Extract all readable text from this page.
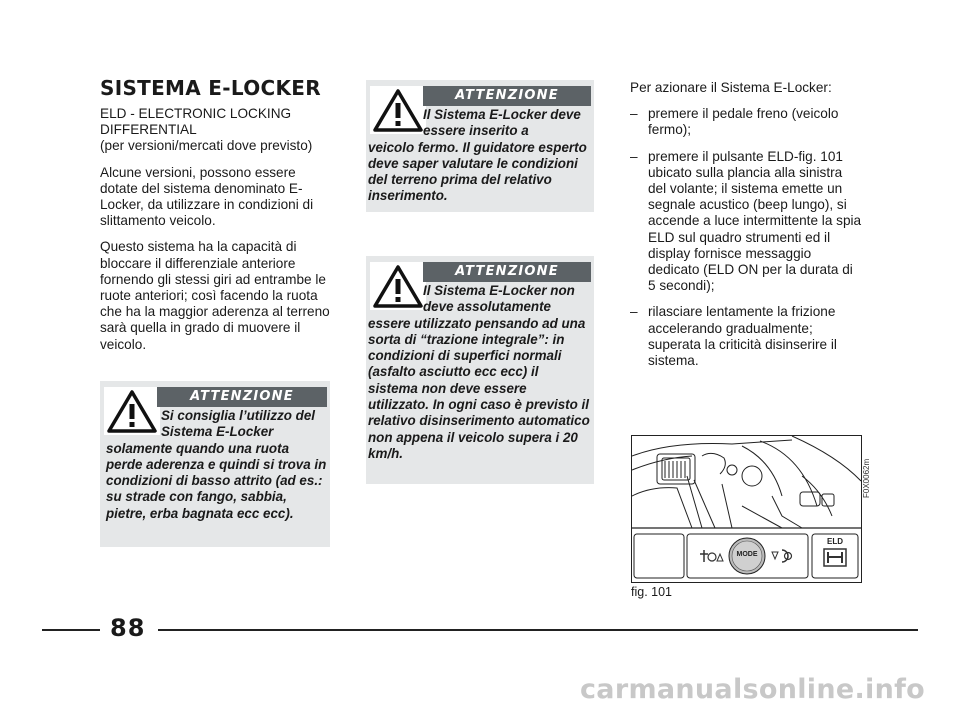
SISTEMA E-LOCKER

ELD - ELECTRONIC LOCKING
DIFFERENTIAL
(per versioni/mercati dove previsto)

Alcune versioni, possono essere dotate del sistema denominato E-Locker, da utilizzare in condizioni di slittamento veicolo.

Questo sistema ha la capacità di bloccare il differenziale anteriore fornendo gli stessi giri ad entrambe le ruote anteriori; così facendo la ruota che ha la maggior aderenza al terreno sarà quella in grado di muovere il veicolo.

ATTENZIONE
Si consiglia l’utilizzo del Sistema E-Locker
solamente quando una ruota perde aderenza e quindi si trova in condizioni di basso attrito (ad es.: su strade con fango, sabbia, pietre, erba bagnata ecc ecc).
ATTENZIONE
Il Sistema E-Locker deve essere inserito a
veicolo fermo. Il guidatore esperto deve saper valutare le condizioni del terreno prima del relativo inserimento.
ATTENZIONE
Il Sistema E-Locker non deve assolutamente
essere utilizzato pensando ad una sorta di “trazione integrale”: in condizioni di superfici normali (asfalto asciutto ecc ecc) il sistema non deve essere utilizzato. In ogni caso è previsto il relativo disinserimento automatico non appena il veicolo supera i 20 km/h.

Per azionare il Sistema E-Locker:

– premere il pedale freno (veicolo fermo);
– premere il pulsante ELD-fig. 101 ubicato sulla plancia alla sinistra del volante; il sistema emette un segnale acustico (beep lungo), si accende a luce intermittente la spia ELD sul quadro strumenti ed il display fornisce messaggio dedicato (ELD ON per la durata di 5 secondi);
– rilasciare lentamente la frizione accelerando gradualmente; superata la criticità disinserire il sistema.
MODE
ELD
F0X0062m
fig. 101
88
carmanualsonline.info
